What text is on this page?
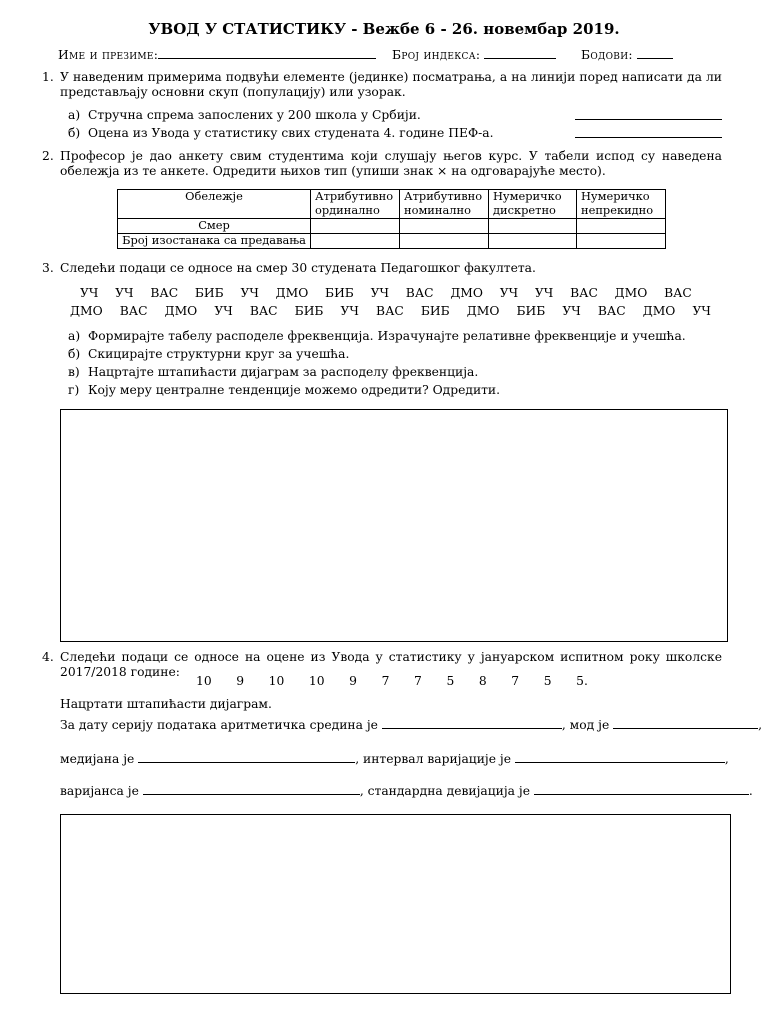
УВОД У СТАТИСТИКУ - Вежбе 6 - 26. новембар 2019.
Име и презиме:	Број индекса:	Бодови:
1. У наведеним примерима подвући елементе (јединке) посматрања, а на линији поред написати да ли представљају основни скуп (популацију) или узорак.
а) Стручна спрема запослених у 200 школа у Србији.
б) Оцена из Увода у статистику свих студената 4. године ПЕФ-а.
2. Професор је дао анкету свим студентима који слушају његов курс. У табели испод су наведена обележја из те анкете. Одредити њихов тип (упиши знак × на одговарајуће место).
Обележје	Атрибутивно ординално	Атрибутивно номинално	Нумеричко дискретно	Нумеричко непрекидно
Смер				
Број изостанака са предавања				
3. Следећи подаци се односе на смер 30 студената Педагошког факултета.
УЧ УЧ ВАС БИБ УЧ ДМО БИБ УЧ ВАС ДМО УЧ УЧ ВАС ДМО ВАС
ДМО ВАС ДМО УЧ ВАС БИБ УЧ ВАС БИБ ДМО БИБ УЧ ВАС ДМО УЧ
а) Формирајте табелу расподеле фреквенција. Израчунајте релативне фреквенције и учешћа.
б) Скицирајте структурни круг за учешћа.
в) Нацртајте штапићасти дијаграм за расподелу фреквенција.
г) Коју меру централне тенденције можемо одредити? Одредити.
4. Следећи подаци се односе на оцене из Увода у статистику у јануарском испитном року школске 2017/2018 године:
10 9 10 10 9 7 7 5 8 7 5 5.
Нацртати штапићасти дијаграм.
За дату серију података аритметичка средина је	, мод је	,
медијана је	, интервал варијације је	,
варијанса је	, стандардна девијација је	.
